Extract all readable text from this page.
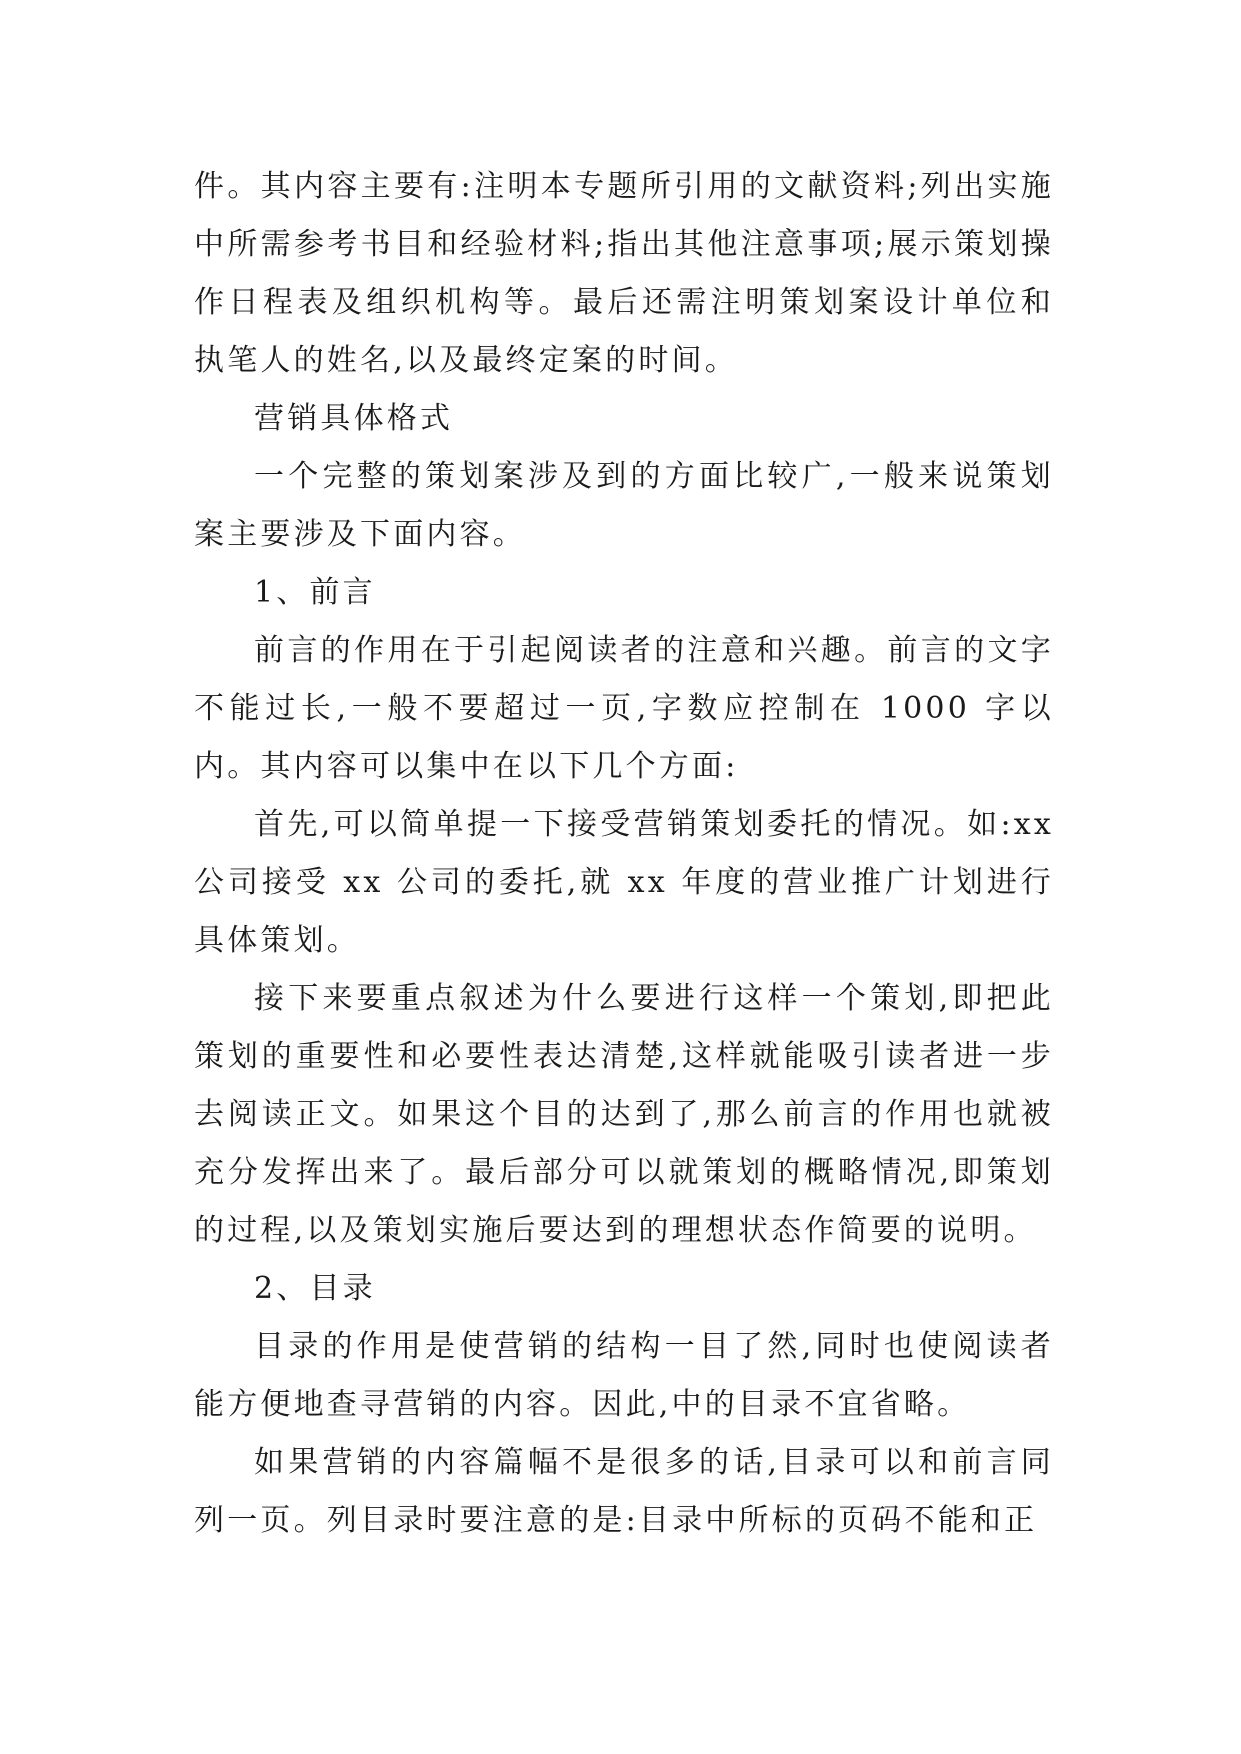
件。其内容主要有:注明本专题所引用的文献资料;列出实施中所需参考书目和经验材料;指出其他注意事项;展示策划操作日程表及组织机构等。最后还需注明策划案设计单位和执笔人的姓名,以及最终定案的时间。

营销具体格式

一个完整的策划案涉及到的方面比较广,一般来说策划案主要涉及下面内容。

1、前言

前言的作用在于引起阅读者的注意和兴趣。前言的文字不能过长,一般不要超过一页,字数应控制在 1000 字以内。其内容可以集中在以下几个方面:

首先,可以简单提一下接受营销策划委托的情况。如:xx公司接受 xx 公司的委托,就 xx 年度的营业推广计划进行具体策划。

接下来要重点叙述为什么要进行这样一个策划,即把此策划的重要性和必要性表达清楚,这样就能吸引读者进一步去阅读正文。如果这个目的达到了,那么前言的作用也就被充分发挥出来了。最后部分可以就策划的概略情况,即策划的过程,以及策划实施后要达到的理想状态作简要的说明。

2、目录

目录的作用是使营销的结构一目了然,同时也使阅读者能方便地查寻营销的内容。因此,中的目录不宜省略。

如果营销的内容篇幅不是很多的话,目录可以和前言同列一页。列目录时要注意的是:目录中所标的页码不能和正
